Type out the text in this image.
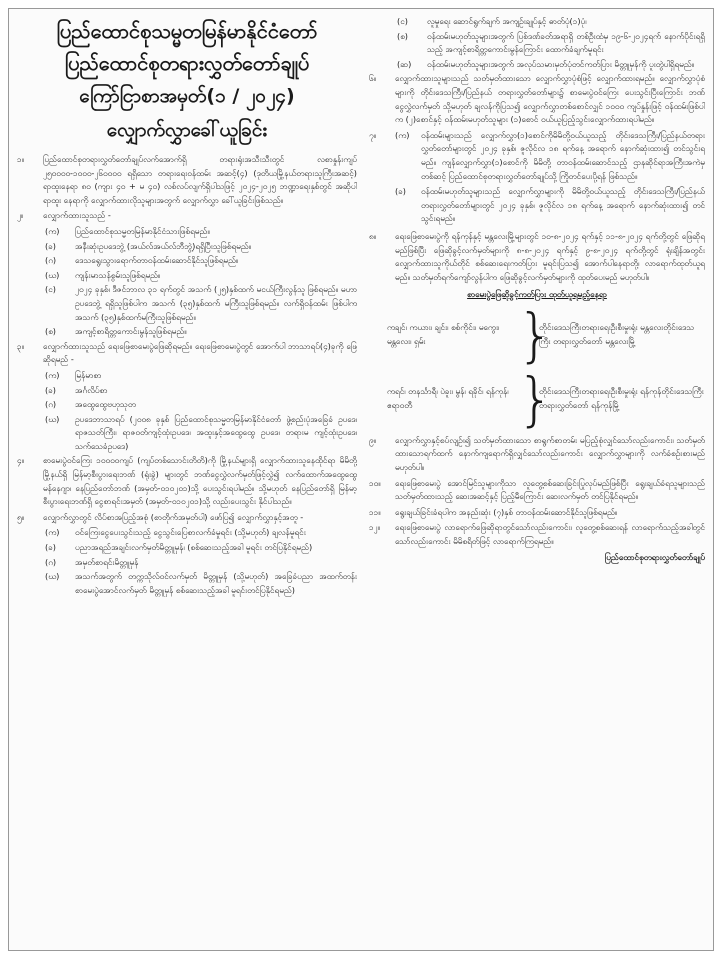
ပြည်ထောင်စုသမ္မတမြန်မာနိုင်ငံတော်
ပြည်ထောင်စုတရားလွှတ်တော်ချုပ်
ကြော်ငြာစာအမှတ်(၁ / ၂၀၂၄)
လျှောက်လွှာခေါ်ယူခြင်း
၁။	ပြည်ထောင်စုတရားလွှတ်တော်ချုပ်လက်အောက်ရှိ တရားရုံးအသီးသီးတွင် လစာနှုန်းကျပ် ၂၅၀၀၀၀-၁၀၀၀-၂၆၀၀၀၀ ရရှိသော တရားရေးဝန်ထမ်း အဆင့်(၄) (ဒုတိယမြို့နယ်တရားသူကြီးအဆင့်) ရာထူးနေရာ ၈၀ (ကျား ၄၀ + မ ၄၀) လစ်လပ်လျက်ရှိပါသဖြင့် ၂၀၂၄-၂၀၂၅ ဘဏ္ဍာရေးနှစ်တွင် အဆိုပါရာထူး နေရာကို လျှောက်ထားလိုသူများအတွက် လျှောက်လွှာ ခေါ်ယူခြင်းဖြစ်သည်။
၂။	လျှောက်ထားသူသည် -
(က)	ပြည်ထောင်စုသမ္မတမြန်မာနိုင်ငံသားဖြစ်ရမည်။
(ခ)	အနီးဆုံးဥပဒေဘွဲ့ (အယ်လ်အယ်လ်ဘီဘွဲ့)ရရှိပြီးသူဖြစ်ရမည်။
(ဂ)	ဒေသရွေးသွားရောက်တာဝန်ထမ်းဆောင်နိုင်သူဖြစ်ရမည်။
(ဃ)	ကျန်းမာသန်စွမ်းသူဖြစ်ရမည်။
(င)	၂၀၂၄ ခုနှစ်၊ ဒီဇင်ဘာလ ၃၁ ရက်တွင် အသက် (၂၅)နှစ်ထက် မငယ်ကြီးလွန်သူ ဖြစ်ရမည်။ မဟာဥပဒေဘွဲ့ ရရှိသူဖြစ်ပါက အသက် (၃၅)နှစ်ထက် မကြီးသူဖြစ်ရမည်။ လက်ရှိဝန်ထမ်း ဖြစ်ပါက အသက် (၃၅)နှစ်ထက်မကြီးသူဖြစ်ရမည်။
(စ)	အကျင့်စာရိတ္တကောင်းမွန်သူဖြစ်ရမည်။
၃။	လျှောက်ထားသူသည် ရေးဖြေစာမေးပွဲဖြေဆိုရမည်။ ရေးဖြေစာမေးပွဲတွင် အောက်ပါ ဘာသာရပ်(၄)ခုကို ဖြေဆိုရမည် -
(က)	မြန်မာစာ
(ခ)	အင်္ဂလိပ်စာ
(ဂ)	အထွေထွေဗဟုသုတ
(ဃ)	ဥပဒေဘာသာရပ် (၂၀၀၈ ခုနှစ် ပြည်ထောင်စုသမ္မတမြန်မာနိုင်ငံတော် ဖွဲ့စည်းပုံအခြေခံ ဥပဒေ၊ ရာဇသတ်ကြီး၊ ရာဇဝတ်ကျင့်ထုံးဥပဒေ၊ အထူးနှင့်အထွေထွေ ဥပဒေ၊ တရားမ ကျင့်ထုံးဥပဒေ၊ သက်သေခံဥပဒေ)
၄။	စာမေးပွဲဝင်ကြေး ၁၀၀၀၀ကျပ် (ကျပ်တစ်သောင်းတိတိ)ကို မြို့နယ်များရှိ လျှောက်ထားသူနေထိုင်ရာ မိမိတို့မြို့နယ်ရှိ မြန်မာ့စီးပွားရေးဘဏ် (ရုံးခွဲ) များတွင် ဘဏ်ငွေလွှဲလက်မှတ်ဖြင့်လွှဲ၍ လက်ထောက်အထွေထွေမန်နေဂျာ၊ နေပြည်တော်ဘဏ် (အမှတ်-၀၁၀၂၀၁)သို့ ပေးသွင်းရပါမည်။ သို့မဟုတ် နေပြည်တော်ရှိ မြန်မာ့စီးပွားရေးဘဏ်ရှိ ငွေစာရင်းအမှတ် (အမှတ်-၀၁၀၂၀၁)သို့ လည်းပေးသွင်း နိုင်ပါသည်။
၅။	လျှောက်လွှာတွင် လိပ်စာအပြည့်အစုံ (စာတိုက်အမှတ်ပါ) ဖော်ပြ၍ လျှောက်လွှာနှင့်အတူ -
(က)	ဝင်ကြေးငွေပေးသွင်းသည့် ငွေသွင်းပြေစာလက်ခံမှုရင်း (သို့မဟုတ်) ချလန်မူရင်း
(ခ)	ပညာအရည်အချင်းလက်မှတ်မိတ္တူမှန်၊ (စစ်ဆေးသည့်အခါ မူရင်း တင်ပြနိုင်ရမည်)
(ဂ)	အမှတ်စာရင်းမိတ္တူမှန်
(ဃ)	အသက်အတွက် တက္ကသိုလ်ဝင်လက်မှတ် မိတ္တူမှန် (သို့မဟုတ်) အခြေခံပညာ အထက်တန်းစာမေးပွဲအောင်လက်မှတ် မိတ္တူမှန် စစ်ဆေးသည့်အခါ မူရင်းတင်ပြနိုင်ရမည်)
(င)	လူမှုရေး ဆောင်ရွက်ချက် အကျဉ်းချုပ်နှင့် ဓာတ်ပုံ(၁)ပုံ၊
(စ)	ဝန်ထမ်းမဟုတ်သူများအတွက် ပြစ်ဒဏ်ခတ်အရာရှိ တစ်ဦးထံမှ ၁၉-၆-၂၀၂၄ရက် နောက်ပိုင်းရရှိသည့် အကျင့်စာရိတ္တကောင်းမွန်ကြောင်း ထောက်ခံချက်မူရင်း
(ဆ)	ဝန်ထမ်းမဟုတ်သူများအတွက် အလုပ်သမားမှတ်ပုံတင်ကတ်ပြား မိတ္တူမှန်ကို ပူးတွဲပါရှိရမည်။
၆။	လျှောက်ထားသူများသည် သတ်မှတ်ထားသော လျှောက်လွှာပုံစံဖြင့် လျှောက်ထားရမည်။ လျှောက်လွှာပုံစံများကို တိုင်းဒေသကြီး/ပြည်နယ် တရားလွှတ်တော်များ၌ စာမေးပွဲဝင်ကြေး ပေးသွင်းပြီးကြောင်း ဘဏ်ငွေလွှဲလက်မှတ် သို့မဟုတ် ချလန်ကိုပြသ၍ လျှောက်လွှာတစ်စောင်လျှင် ၁၀၀၀ ကျပ်နှုန်းဖြင့် ဝန်ထမ်းဖြစ်ပါက (၂)စောင်နှင့် ဝန်ထမ်းမဟုတ်သူများ (၁)စောင် ဝယ်ယူပြည့်သွင်းလျှောက်ထားရပါမည်။
၇။	(က)	ဝန်ထမ်းများသည် လျှောက်လွှာ(၁)စောင်ကိုမိမိတို့ဝယ်ယူသည့် တိုင်းဒေသကြီး/ပြည်နယ်တရားလွှတ်တော်များတွင် ၂၀၂၄ ခုနှစ်၊ ဇူလိုင်လ ၁၈ ရက်နေ့ အရောက် နောက်ဆုံးထား၍ တင်သွင်းရမည်။ ကျန်လျှောက်လွှာ(၁)စောင်ကို မိမိတို့ တာဝန်ထမ်းဆောင်သည့် ဌာနဆိုင်ရာအကြီးအကဲမှတစ်ဆင့် ပြည်ထောင်စုတရားလွှတ်တော်ချုပ်သို့ ကြိုတင်ပေးပို့ရန် ဖြစ်သည်။
(ခ)	ဝန်ထမ်းမဟုတ်သူများသည် လျှောက်လွှာများကို မိမိတို့ဝယ်ယူသည့် တိုင်းဒေသကြီး/ပြည်နယ်တရားလွှတ်တော်များတွင် ၂၀၂၄ ခုနှစ်၊ ဇူလိုင်လ ၁၈ ရက်နေ့ အရောက် နောက်ဆုံးထား၍ တင်သွင်းရမည်။
၈။	ရေးဖြေစာမေးပွဲကို ရန်ကုန်နှင့် မန္တလေးမြို့များတွင် ၁၀-၈-၂၀၂၄ ရက်နှင့် ၁၁-၈-၂၀၂၄ ရက်တို့တွင် ဖြေဆိုရမည်ဖြစ်ပြီး ဖြေဆိုခွင့်လက်မှတ်များကို ၈-၈-၂၀၂၄ ရက်နှင့် ၉-၈-၂၀၂၄ ရက်တို့တွင် ရုံးချိန်အတွင်း လျှောက်ထားသူကိုယ်တိုင် စစ်ဆေးရေးကတ်ပြား မူရင်းပြသ၍ အောက်ပါနေရာတို့၊ လာရောက်ထုတ်ယူရမည်။ သတ်မှတ်ရက်ကျော်လွန်ပါက ဖြေဆိုခွင့်လက်မှတ်များကို ထုတ်ပေးမည် မဟုတ်ပါ။
စာမေးပွဲဖြေဆိုခွင့်ကတ်ပြား ထုတ်ယူရမည့်နေရာ
ကချင်၊ ကယား၊ ချင်း၊ စစ်ကိုင်း၊ မကွေး၊ မန္တလေး၊ ရှမ်း	}
တိုင်းဒေသကြီးတရားရေးဦးစီးမှုးရုံး မန္တလေးတိုင်းဒေသကြီး တရားလွှတ်တော် မန္တလေးမြို့
ကရင်၊ တနင်္သာရီ၊ ပဲခူး၊ မွန်၊ ရခိုင်၊ ရန်ကုန်၊ ဧရာဝတီ	}
တိုင်းဒေသကြီးတရားရေးဦးစီးမှုးရုံး ရန်ကုန်တိုင်းဒေသကြီး တရားလွှတ်တော် ရန်ကုန်မြို့
၉။	လျှောက်လွှာနှင့်စပ်လျဉ်း၍ သတ်မှတ်ထားသော စာရွက်စာတမ်း မပြည့်စုံလျှင်သော်လည်းကောင်း၊ သတ်မှတ်ထားသောရက်ထက် နောက်ကျရောက်ရှိလျှင်သော်လည်းကောင်း လျှောက်လွှာများကို လက်ခံစဉ်းစားမည်မဟုတ်ပါ။
၁၀။	ရေးဖြေစာမေးပွဲ အောင်မြင်သူများကိုသာ လူတွေ့စစ်ဆေးခြင်းပြုလုပ်မည်ဖြစ်ပြီး ရွေးချယ်ခံရသူများသည် သတ်မှတ်ထားသည့် ဆေးအဆင့်နှင့် ပြည့်မီကြောင်း ဆေးလက်မှတ် တင်ပြနိုင်ရမည်။
၁၁။	ရွေးချယ်ခြင်းခံရပါက အနည်းဆုံး (၇)နှစ် တာဝန်ထမ်းဆောင်နိုင်သူဖြစ်ရမည်။
၁၂။	ရေးဖြေစာမေးပွဲ လာရောက်ဖြေဆိုရာတွင်သော်လည်းကောင်း၊ လူတွေ့စစ်ဆေးရန် လာရောက်သည့်အခါတွင်သော်လည်းကောင်း မိမိစရိတ်ဖြင့် လာရောက်ကြရမည်။
ပြည်ထောင်စုတရားလွှတ်တော်ချုပ်
